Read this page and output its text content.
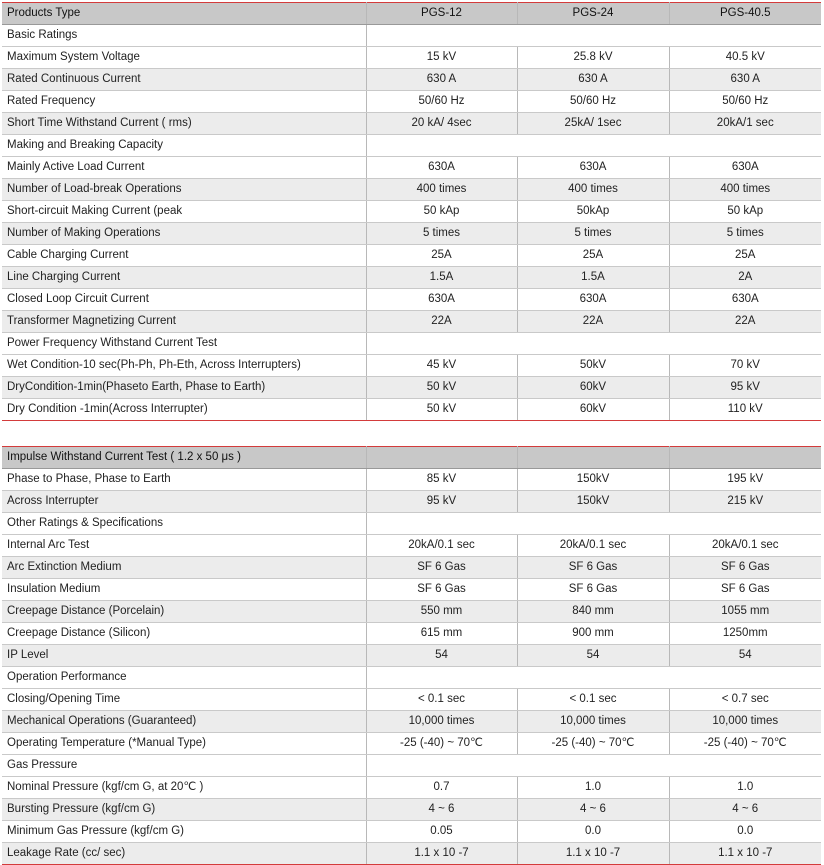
Products Type	PGS-12	PGS-24	PGS-40.5
Basic Ratings			
Maximum System Voltage	15 kV	25.8 kV	40.5 kV
Rated Continuous Current	630 A	630 A	630 A
Rated Frequency	50/60 Hz	50/60 Hz	50/60 Hz
Short Time Withstand Current ( rms)	20 kA/ 4sec	25kA/ 1sec	20kA/1 sec
Making and Breaking Capacity			
Mainly Active Load Current	630A	630A	630A
Number of Load-break Operations	400 times	400 times	400 times
Short-circuit Making Current (peak	50 kAp	50kAp	50 kAp
Number of Making Operations	5 times	5 times	5 times
Cable Charging Current	25A	25A	25A
Line Charging Current	1.5A	1.5A	2A
Closed Loop Circuit Current	630A	630A	630A
Transformer Magnetizing Current	22A	22A	22A
Power Frequency Withstand Current Test			
Wet Condition-10 sec(Ph-Ph, Ph-Eth, Across Interrupters)	45 kV	50kV	70 kV
DryCondition-1min(Phaseto Earth, Phase to Earth)	50 kV	60kV	95 kV
Dry Condition -1min(Across Interrupter)	50 kV	60kV	110 kV
Impulse Withstand Current Test ( 1.2 x 50 μs )			
Phase to Phase, Phase to Earth	85 kV	150kV	195 kV
Across Interrupter	95 kV	150kV	215 kV
Other Ratings & Specifications			
Internal Arc Test	20kA/0.1 sec	20kA/0.1 sec	20kA/0.1 sec
Arc Extinction Medium	SF 6 Gas	SF 6 Gas	SF 6 Gas
Insulation Medium	SF 6 Gas	SF 6 Gas	SF 6 Gas
Creepage Distance (Porcelain)	550 mm	840 mm	1055 mm
Creepage Distance (Silicon)	615 mm	900 mm	1250mm
IP Level	54	54	54
Operation Performance			
Closing/Opening Time	< 0.1 sec	< 0.1 sec	< 0.7 sec
Mechanical Operations (Guaranteed)	10,000 times	10,000 times	10,000 times
Operating Temperature (*Manual Type)	-25 (-40) ~ 70℃	-25 (-40) ~ 70℃	-25 (-40) ~ 70℃
Gas Pressure			
Nominal Pressure (kgf/cm G, at 20℃ )	0.7	1.0	1.0
Bursting Pressure (kgf/cm G)	4 ~ 6	4 ~ 6	4 ~ 6
Minimum Gas Pressure (kgf/cm G)	0.05	0.0	0.0
Leakage Rate (cc/ sec)	1.1 x 10 -7	1.1 x 10 -7	1.1 x 10 -7
